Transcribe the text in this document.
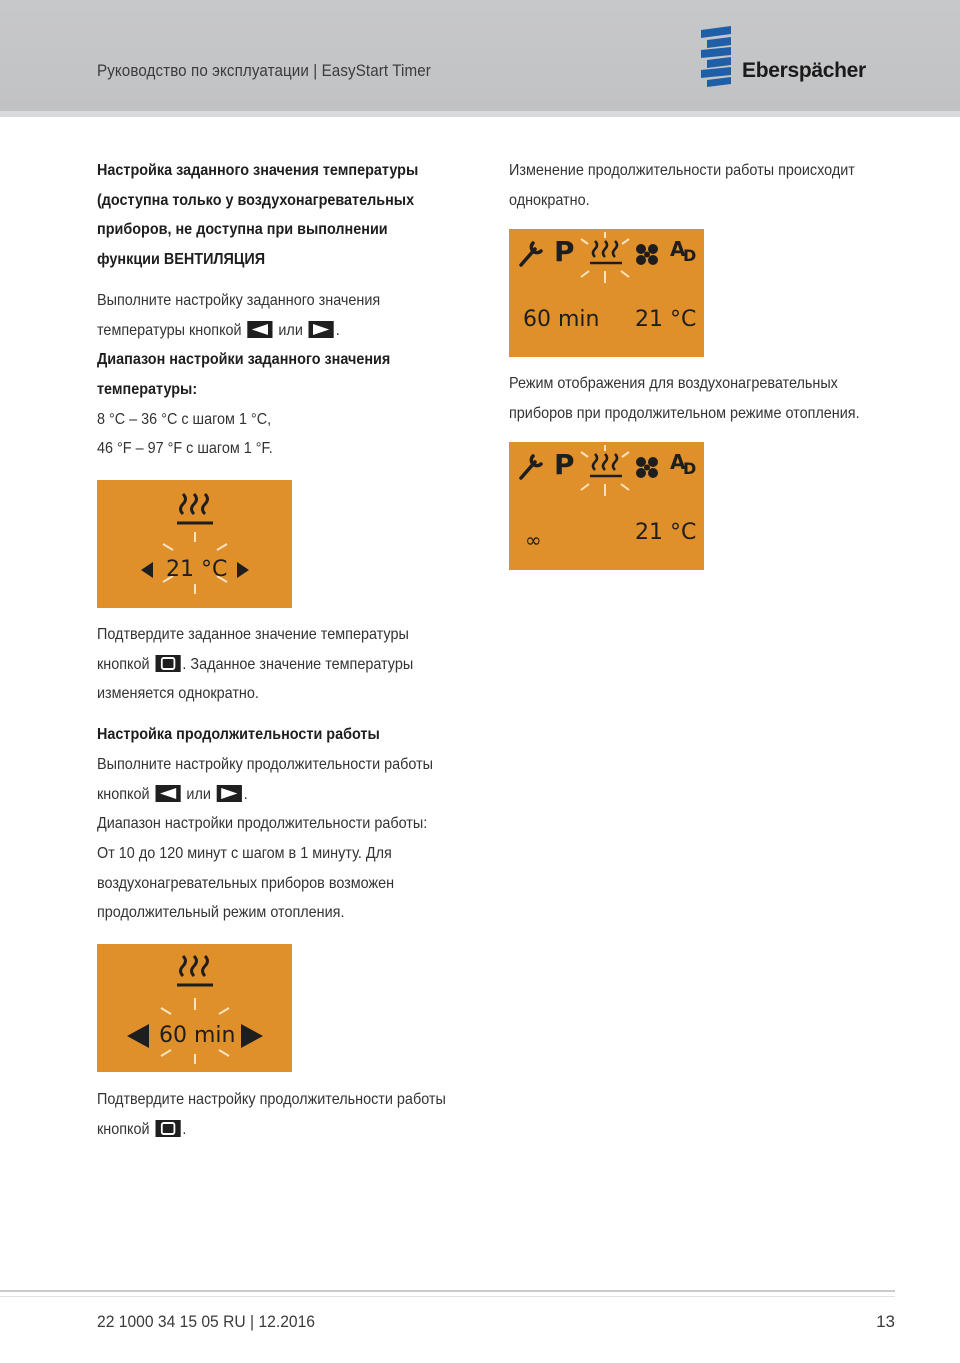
Руководство по эксплуатации | EasyStart Timer	Eberspächer

Настройка заданного значения температуры
(доступна только у воздухонагревательных
приборов, не доступна при выполнении
функции ВЕНТИЛЯЦИЯ

Выполните настройку заданного значения
температуры кнопкой или .

Диапазон настройки заданного значения
температуры:

8 °C – 36 °C с шагом 1 °C,

46 °F – 97 °F с шагом 1 °F.

21 °C

Подтвердите заданное значение температуры
кнопкой . Заданное значение температуры
изменяется однократно.

Настройка продолжительности работы

Выполните настройку продолжительности работы
кнопкой или .
Диапазон настройки продолжительности работы:
От 10 до 120 минут с шагом в 1 минуту. Для
воздухонагревательных приборов возможен
продолжительный режим отопления.

60 min

Подтвердите настройку продолжительности работы
кнопкой .

Изменение продолжительности работы происходит
однократно.

P	A
D
60 min 21 °C

Режим отображения для воздухонагревательных
приборов при продолжительном режиме отопления.

P	A
D
∞	21 °C
22 1000 34 15 05 RU | 12.2016	13
